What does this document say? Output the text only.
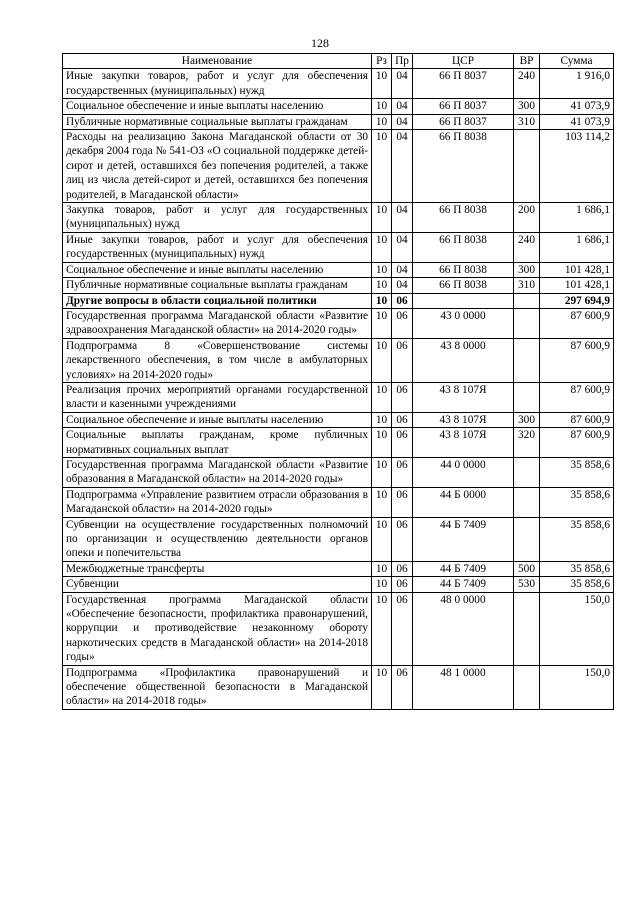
128
Наименование	Рз	Пр	ЦСР	ВР	Сумма
Иные закупки товаров, работ и услуг для обеспечения государственных (муниципальных) нужд	10	04	66 П 8037	240	1 916,0
Социальное обеспечение и иные выплаты населению	10	04	66 П 8037	300	41 073,9
Публичные нормативные социальные выплаты гражданам	10	04	66 П 8037	310	41 073,9
Расходы на реализацию Закона Магаданской области от 30 декабря 2004 года № 541-ОЗ «О социальной поддержке детей-сирот и детей, оставшихся без попечения родителей, а также лиц из числа детей-сирот и детей, оставшихся без попечения родителей, в Магаданской области»	10	04	66 П 8038		103 114,2
Закупка товаров, работ и услуг для государственных (муниципальных) нужд	10	04	66 П 8038	200	1 686,1
Иные закупки товаров, работ и услуг для обеспечения государственных (муниципальных) нужд	10	04	66 П 8038	240	1 686,1
Социальное обеспечение и иные выплаты населению	10	04	66 П 8038	300	101 428,1
Публичные нормативные социальные выплаты гражданам	10	04	66 П 8038	310	101 428,1
Другие вопросы в области социальной политики	10	06			297 694,9
Государственная программа Магаданской области «Развитие здравоохранения Магаданской области» на 2014-2020 годы»	10	06	43 0 0000		87 600,9
Подпрограмма 8 «Совершенствование системы лекарственного обеспечения, в том числе в амбулаторных условиях» на 2014-2020 годы»	10	06	43 8 0000		87 600,9
Реализация прочих мероприятий органами государственной власти и казенными учреждениями	10	06	43 8 107Я		87 600,9
Социальное обеспечение и иные выплаты населению	10	06	43 8 107Я	300	87 600,9
Социальные выплаты гражданам, кроме публичных нормативных социальных выплат	10	06	43 8 107Я	320	87 600,9
Государственная программа Магаданской области «Развитие образования в Магаданской области» на 2014-2020 годы»	10	06	44 0 0000		35 858,6
Подпрограмма «Управление развитием отрасли образования в Магаданской области» на 2014-2020 годы»	10	06	44 Б 0000		35 858,6
Субвенции на осуществление государственных полномочий по организации и осуществлению деятельности органов опеки и попечительства	10	06	44 Б 7409		35 858,6
Межбюджетные трансферты	10	06	44 Б 7409	500	35 858,6
Субвенции	10	06	44 Б 7409	530	35 858,6
Государственная программа Магаданской области «Обеспечение безопасности, профилактика правонарушений, коррупции и противодействие незаконному обороту наркотических средств в Магаданской области» на 2014-2018 годы»	10	06	48 0 0000		150,0
Подпрограмма «Профилактика правонарушений и обеспечение общественной безопасности в Магаданской области» на 2014-2018 годы»	10	06	48 1 0000		150,0
